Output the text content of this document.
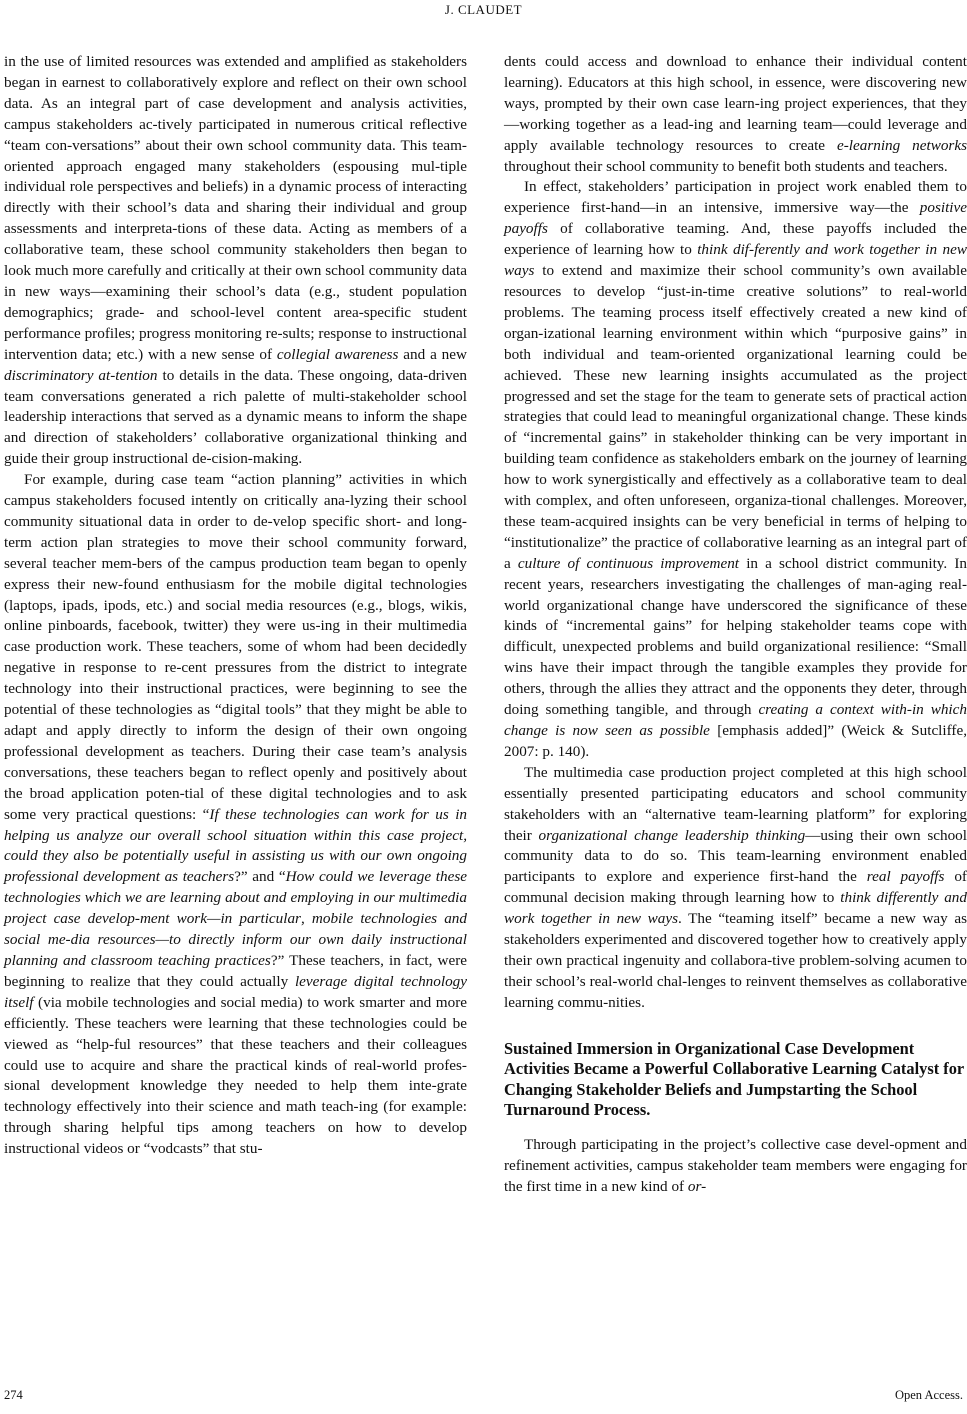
J. CLAUDET

in the use of limited resources was extended and amplified as stakeholders began in earnest to collaboratively explore and reflect on their own school data. As an integral part of case development and analysis activities, campus stakeholders ac-tively participated in numerous critical reflective “team con-versations” about their own school community data. This team-oriented approach engaged many stakeholders (espousing mul-tiple individual role perspectives and beliefs) in a dynamic process of interacting directly with their school’s data and sharing their individual and group assessments and interpreta-tions of these data. Acting as members of a collaborative team, these school community stakeholders then began to look much more carefully and critically at their own school community data in new ways—examining their school’s data (e.g., student population demographics; grade- and school-level content area-specific student performance profiles; progress monitoring re-sults; response to instructional intervention data; etc.) with a new sense of collegial awareness and a new discriminatory at-tention to details in the data. These ongoing, data-driven team conversations generated a rich palette of multi-stakeholder school leadership interactions that served as a dynamic means to inform the shape and direction of stakeholders’ collaborative organizational thinking and guide their group instructional de-cision-making.

For example, during case team “action planning” activities in which campus stakeholders focused intently on critically ana-lyzing their school community situational data in order to de-velop specific short- and long-term action plan strategies to move their school community forward, several teacher mem-bers of the campus production team began to openly express their new-found enthusiasm for the mobile digital technologies (laptops, ipads, ipods, etc.) and social media resources (e.g., blogs, wikis, online pinboards, facebook, twitter) they were us-ing in their multimedia case production work. These teachers, some of whom had been decidedly negative in response to re-cent pressures from the district to integrate technology into their instructional practices, were beginning to see the potential of these technologies as “digital tools” that they might be able to adapt and apply directly to inform the design of their own ongoing professional development as teachers. During their case team’s analysis conversations, these teachers began to reflect openly and positively about the broad application poten-tial of these digital technologies and to ask some very practical questions: “If these technologies can work for us in helping us analyze our overall school situation within this case project, could they also be potentially useful in assisting us with our own ongoing professional development as teachers?” and “How could we leverage these technologies which we are learning about and employing in our multimedia project case develop-ment work—in particular, mobile technologies and social me-dia resources—to directly inform our own daily instructional planning and classroom teaching practices?” These teachers, in fact, were beginning to realize that they could actually leverage digital technology itself (via mobile technologies and social media) to work smarter and more efficiently. These teachers were learning that these technologies could be viewed as “help-ful resources” that these teachers and their colleagues could use to acquire and share the practical kinds of real-world profes-sional development knowledge they needed to help them inte-grate technology effectively into their science and math teach-ing (for example: through sharing helpful tips among teachers on how to develop instructional videos or “vodcasts” that stu-

dents could access and download to enhance their individual content learning). Educators at this high school, in essence, were discovering new ways, prompted by their own case learn-ing project experiences, that they—working together as a lead-ing and learning team—could leverage and apply available technology resources to create e-learning networks throughout their school community to benefit both students and teachers.

In effect, stakeholders’ participation in project work enabled them to experience first-hand—in an intensive, immersive way—the positive payoffs of collaborative teaming. And, these payoffs included the experience of learning how to think dif-ferently and work together in new ways to extend and maximize their school community’s own available resources to develop “just-in-time creative solutions” to real-world problems. The teaming process itself effectively created a new kind of organ-izational learning environment within which “purposive gains” in both individual and team-oriented organizational learning could be achieved. These new learning insights accumulated as the project progressed and set the stage for the team to generate sets of practical action strategies that could lead to meaningful organizational change. These kinds of “incremental gains” in stakeholder thinking can be very important in building team confidence as stakeholders embark on the journey of learning how to work synergistically and effectively as a collaborative team to deal with complex, and often unforeseen, organiza-tional challenges. Moreover, these team-acquired insights can be very beneficial in terms of helping to “institutionalize” the practice of collaborative learning as an integral part of a culture of continuous improvement in a school district community. In recent years, researchers investigating the challenges of man-aging real-world organizational change have underscored the significance of these kinds of “incremental gains” for helping stakeholder teams cope with difficult, unexpected problems and build organizational resilience: “Small wins have their impact through the tangible examples they provide for others, through the allies they attract and the opponents they deter, through doing something tangible, and through creating a context with-in which change is now seen as possible [emphasis added]” (Weick & Sutcliffe, 2007: p. 140).

The multimedia case production project completed at this high school essentially presented participating educators and school community stakeholders with an “alternative team-learning platform” for exploring their organizational change leadership thinking—using their own school community data to do so. This team-learning environment enabled participants to explore and experience first-hand the real payoffs of communal decision making through learning how to think differently and work together in new ways. The “teaming itself” became a new way as stakeholders experimented and discovered together how to creatively apply their own practical ingenuity and collabora-tive problem-solving acumen to their school’s real-world chal-lenges to reinvent themselves as collaborative learning commu-nities.

Sustained Immersion in Organizational Case Development Activities Became a Powerful Collaborative Learning Catalyst for Changing Stakeholder Beliefs and Jumpstarting the School Turnaround Process.

Through participating in the project’s collective case devel-opment and refinement activities, campus stakeholder team members were engaging for the first time in a new kind of or-

274	Open Access.
